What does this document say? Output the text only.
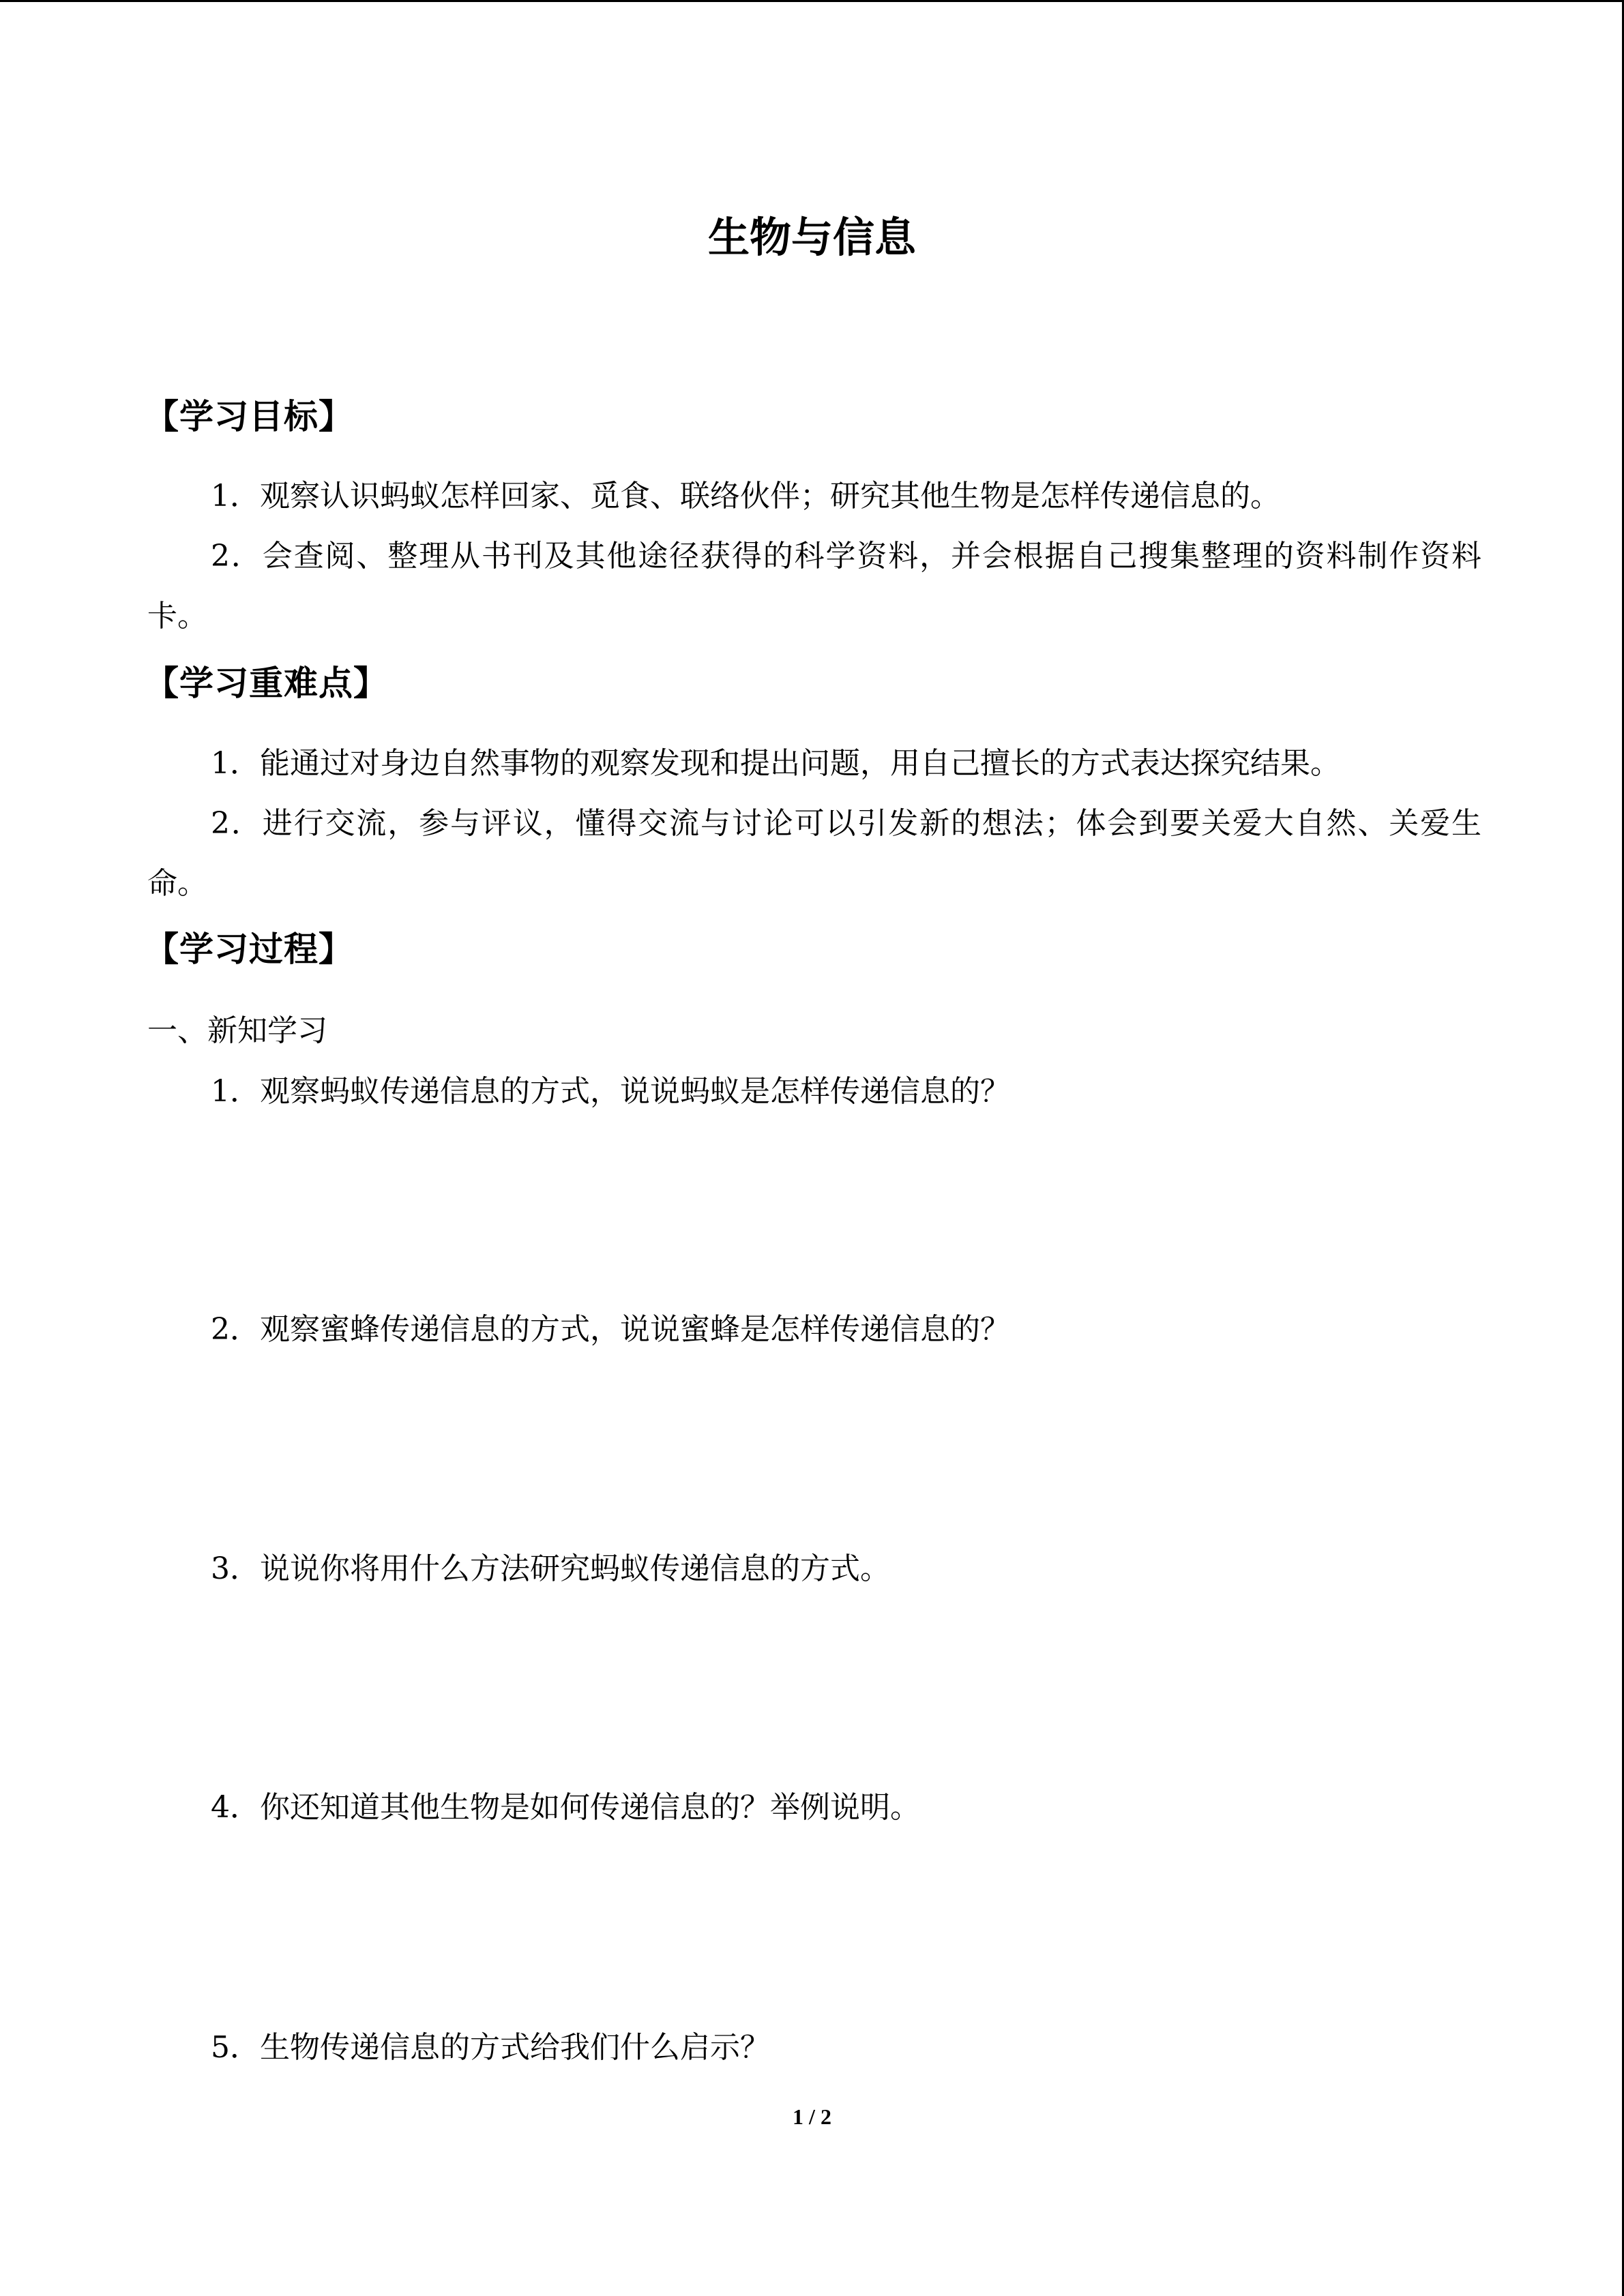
生物与信息
【学习目标】
1．观察认识蚂蚁怎样回家、觅食、联络伙伴；研究其他生物是怎样传递信息的。
2．会查阅、整理从书刊及其他途径获得的科学资料，并会根据自己搜集整理的资料制作资料卡。
【学习重难点】
1．能通过对身边自然事物的观察发现和提出问题，用自己擅长的方式表达探究结果。
2．进行交流，参与评议，懂得交流与讨论可以引发新的想法；体会到要关爱大自然、关爱生命。
【学习过程】
一、新知学习
1．观察蚂蚁传递信息的方式，说说蚂蚁是怎样传递信息的？
2．观察蜜蜂传递信息的方式，说说蜜蜂是怎样传递信息的？
3．说说你将用什么方法研究蚂蚁传递信息的方式。
4．你还知道其他生物是如何传递信息的？举例说明。
5．生物传递信息的方式给我们什么启示？
1 / 2
